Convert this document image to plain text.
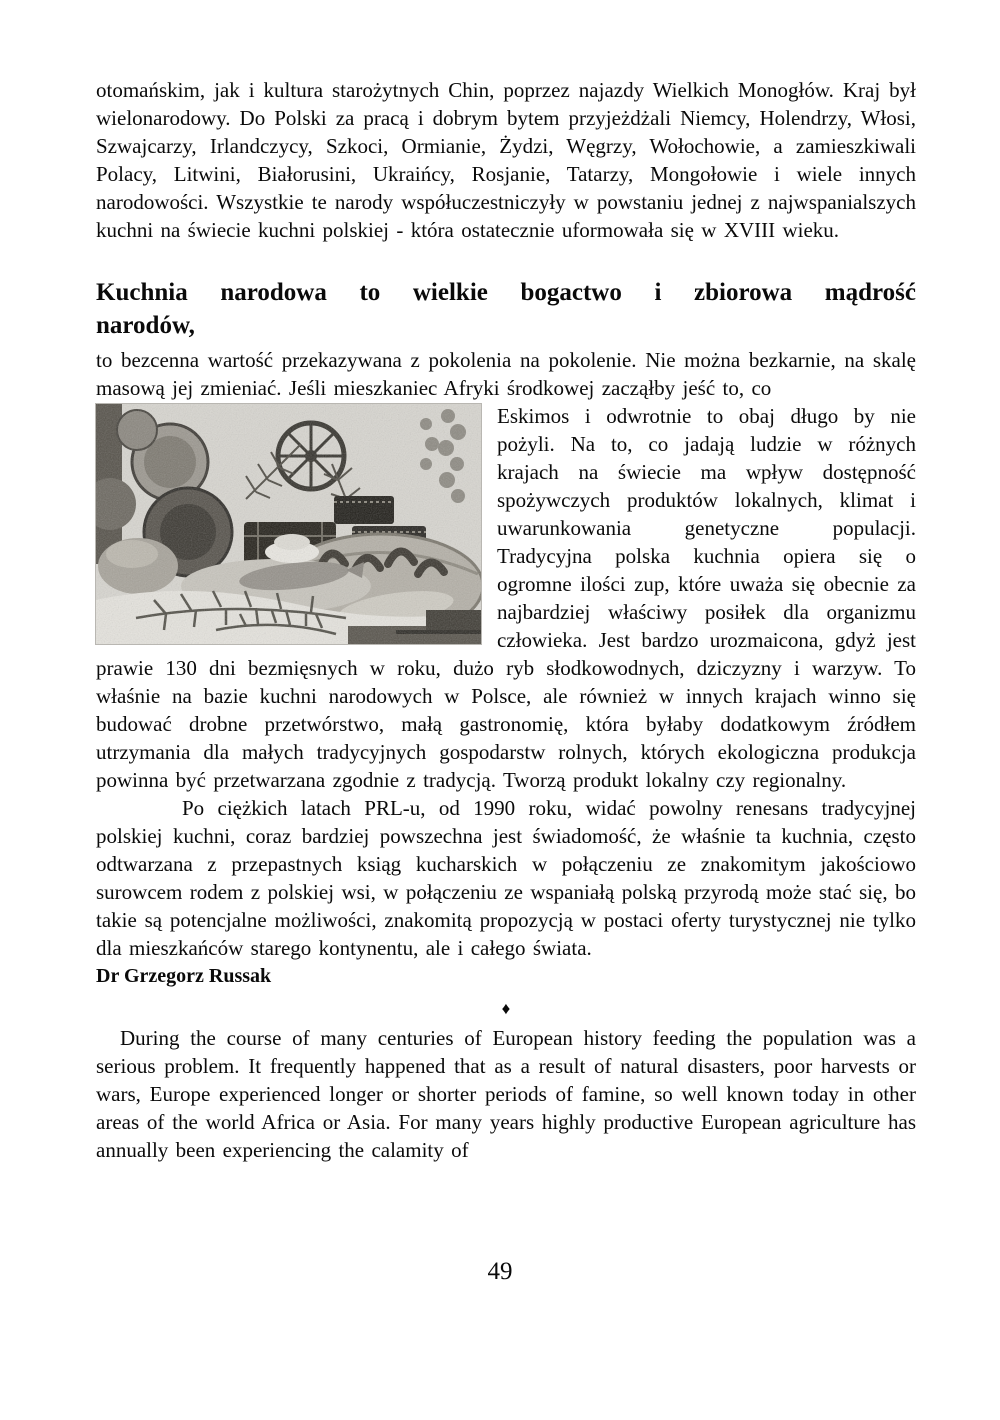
otomańskim, jak i kultura starożytnych Chin, poprzez najazdy Wielkich Monogłów. Kraj był wielonarodowy. Do Polski za pracą i dobrym bytem przyjeżdżali Niemcy, Holendrzy, Włosi, Szwajcarzy, Irlandczycy, Szkoci, Ormianie, Żydzi, Węgrzy, Wołochowie, a zamieszkiwali Polacy, Litwini, Białorusini, Ukraińcy, Rosjanie, Tatarzy, Mongołowie i wiele innych narodowości. Wszystkie te narody współuczestniczyły w powstaniu jednej z najwspanialszych kuchni na świecie kuchni polskiej - która ostatecznie uformowała się w XVIII wieku.

Kuchnia narodowa to wielkie bogactwo i zbiorowa mądrość
narodów,

to bezcenna wartość przekazywana z pokolenia na pokolenie. Nie można bezkarnie, na skalę masową jej zmieniać. Jeśli mieszkaniec Afryki środkowej zacząłby jeść to, co

Eskimos i odwrotnie to obaj długo by nie pożyli. Na to, co jadają ludzie w różnych krajach na świecie ma wpływ dostępność spożywczych produktów lokalnych, klimat i uwarunkowania genetyczne populacji. Tradycyjna polska kuchnia opiera się o ogromne ilości zup, które uważa się obecnie za najbardziej właściwy posiłek dla organizmu człowieka. Jest bardzo urozmaicona, gdyż jest prawie 130 dni bezmięsnych w roku, dużo ryb słodkowodnych, dziczyzny i warzyw. To właśnie na bazie kuchni narodowych w Polsce, ale również w innych krajach winno się budować drobne przetwórstwo, małą gastronomię, która byłaby dodatkowym źródłem utrzymania dla małych tradycyjnych gospodarstw rolnych, których ekologiczna produkcja powinna być przetwarzana zgodnie z tradycją. Tworzą produkt lokalny czy regionalny.

Po ciężkich latach PRL-u, od 1990 roku, widać powolny renesans tradycyjnej polskiej kuchni, coraz bardziej powszechna jest świadomość, że właśnie ta kuchnia, często odtwarzana z przepastnych ksiąg kucharskich w połączeniu ze znakomitym jakościowo surowcem rodem z polskiej wsi, w połączeniu ze wspaniałą polską przyrodą może stać się, bo takie są potencjalne możliwości, znakomitą propozycją w postaci oferty turystycznej nie tylko dla mieszkańców starego kontynentu, ale i całego świata.

Dr Grzegorz Russak

♦

During the course of many centuries of European history feeding the population was a serious problem. It frequently happened that as a result of natural disasters, poor harvests or wars, Europe experienced longer or shorter periods of famine, so well known today in other areas of the world Africa or Asia. For many years highly productive European agriculture has annually been experiencing the calamity of

49
